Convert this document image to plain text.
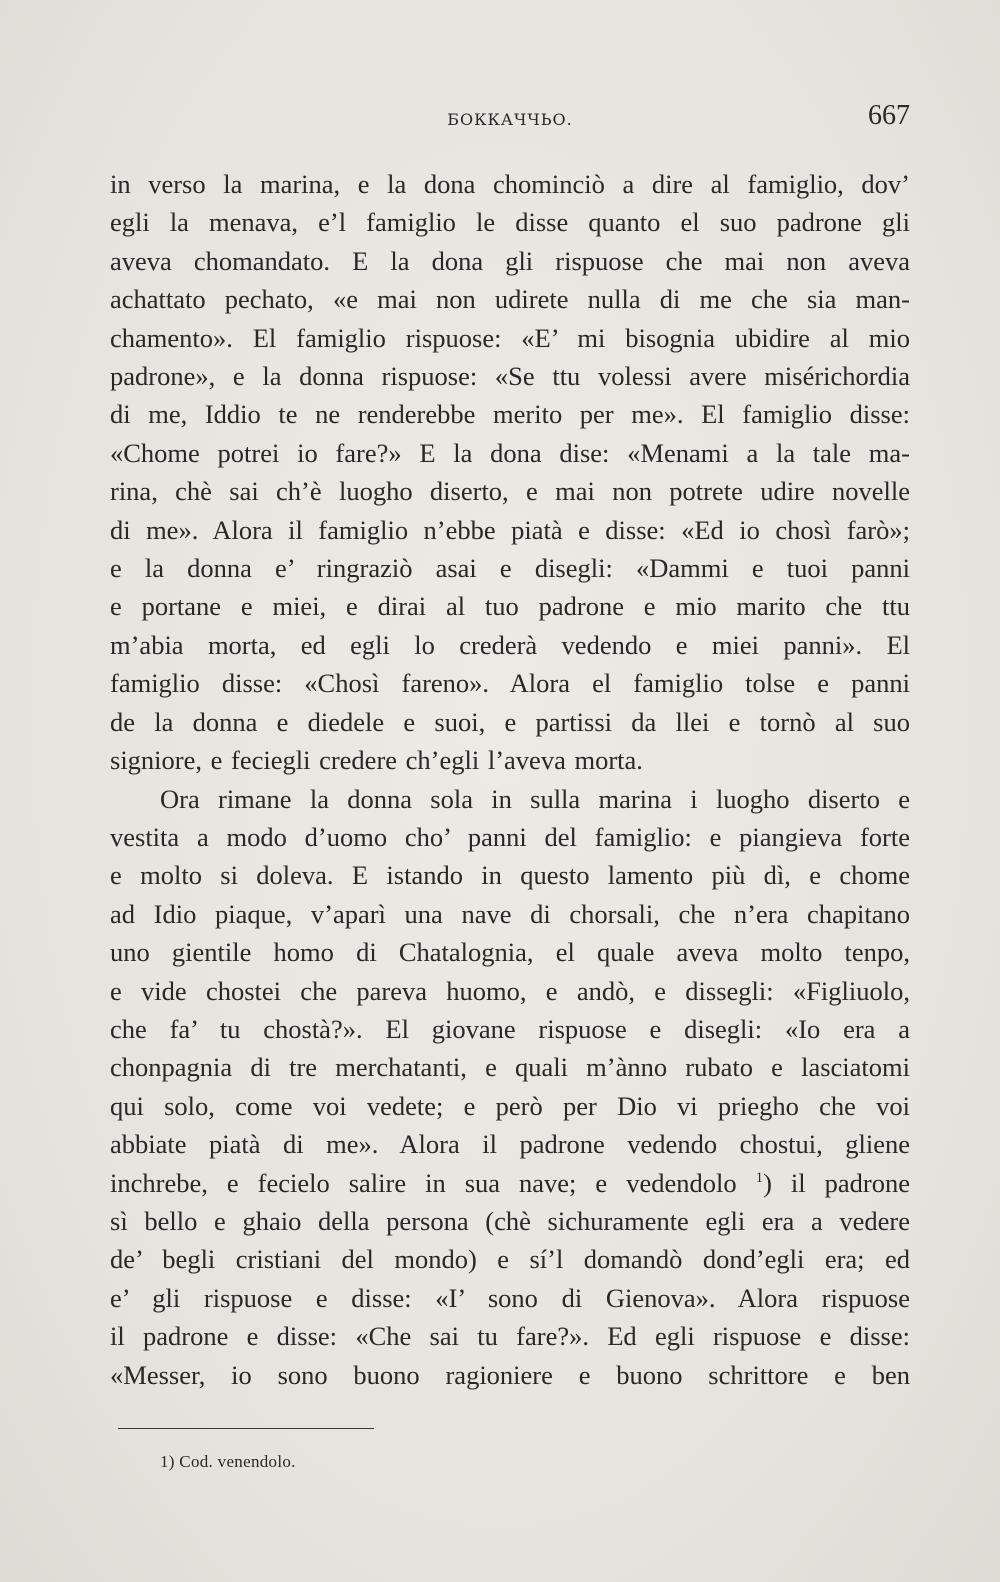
БОККАЧЧЬО.	667
in verso la marina, e la dona chominciò a dire al famiglio, dov’
egli la menava, e’l famiglio le disse quanto el suo padrone gli
aveva chomandato. E la dona gli rispuose che mai non aveva
achattato pechato, «e mai non udirete nulla di me che sia man-
chamento». El famiglio rispuose: «E’ mi bisognia ubidire al mio
padrone», e la donna rispuose: «Se ttu volessi avere misérichordia
di me, Iddio te ne renderebbe merito per me». El famiglio disse:
«Chome potrei io fare?» E la dona dise: «Menami a la tale ma-
rina, chè sai ch’è luogho diserto, e mai non potrete udire novelle
di me». Alora il famiglio n’ebbe piatà e disse: «Ed io chosì farò»;
e la donna e’ ringraziò asai e disegli: «Dammi e tuoi panni
e portane e miei, e dirai al tuo padrone e mio marito che ttu
m’abia morta, ed egli lo crederà vedendo e miei panni». El
famiglio disse: «Chosì fareno». Alora el famiglio tolse e panni
de la donna e diedele e suoi, e partissi da llei e tornò al suo
signiore, e feciegli credere ch’egli l’aveva morta.
Ora rimane la donna sola in sulla marina i luogho diserto e
vestita a modo d’uomo cho’ panni del famiglio: e piangieva forte
e molto si doleva. E istando in questo lamento più dì, e chome
ad Idio piaque, v’aparì una nave di chorsali, che n’era chapitano
uno gientile homo di Chatalognia, el quale aveva molto tenpo,
e vide chostei che pareva huomo, e andò, e dissegli: «Figliuolo,
che fa’ tu chostà?». El giovane rispuose e disegli: «Io era a
chonpagnia di tre merchatanti, e quali m’ànno rubato e lasciatomi
qui solo, come voi vedete; e però per Dio vi priegho che voi
abbiate piatà di me». Alora il padrone vedendo chostui, gliene
inchrebe, e fecielo salire in sua nave; e vedendolo $^1$) il padrone
sì bello e ghaio della persona (chè sichuramente egli era a vedere
de’ begli cristiani del mondo) e sí’l domandò dond’egli era; ed
e’ gli rispuose e disse: «I’ sono di Gienova». Alora rispuose
il padrone e disse: «Che sai tu fare?». Ed egli rispuose e disse:
«Messer, io sono buono ragioniere e buono schrittore e ben
1) Cod. venendolo.
